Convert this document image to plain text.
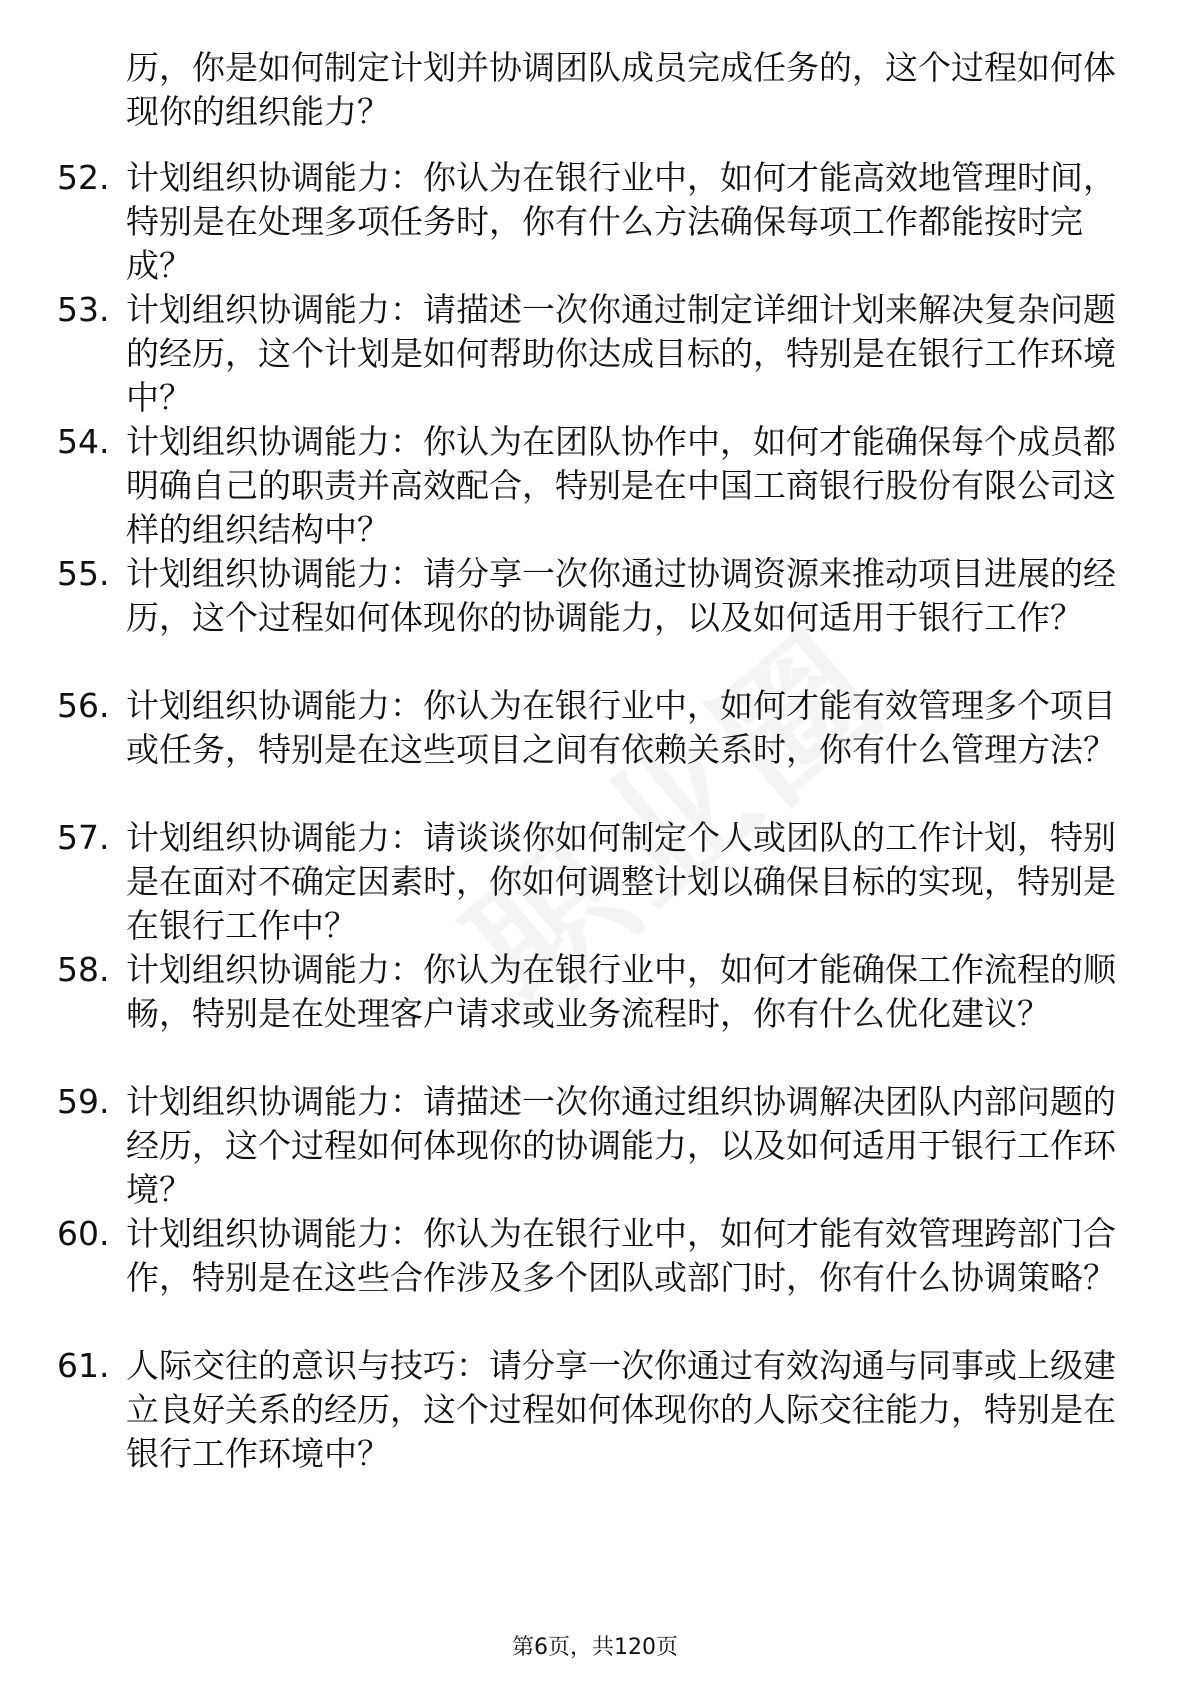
历，你是如何制定计划并协调团队成员完成任务的，这个过程如何体现你的组织能力？
52. 计划组织协调能力：你认为在银行业中，如何才能高效地管理时间，特别是在处理多项任务时，你有什么方法确保每项工作都能按时完成？
53. 计划组织协调能力：请描述一次你通过制定详细计划来解决复杂问题的经历，这个计划是如何帮助你达成目标的，特别是在银行工作环境中？
54. 计划组织协调能力：你认为在团队协作中，如何才能确保每个成员都明确自己的职责并高效配合，特别是在中国工商银行股份有限公司这样的组织结构中？
55. 计划组织协调能力：请分享一次你通过协调资源来推动项目进展的经历，这个过程如何体现你的协调能力，以及如何适用于银行工作？
56. 计划组织协调能力：你认为在银行业中，如何才能有效管理多个项目或任务，特别是在这些项目之间有依赖关系时，你有什么管理方法？
57. 计划组织协调能力：请谈谈你如何制定个人或团队的工作计划，特别是在面对不确定因素时，你如何调整计划以确保目标的实现，特别是在银行工作中？
58. 计划组织协调能力：你认为在银行业中，如何才能确保工作流程的顺畅，特别是在处理客户请求或业务流程时，你有什么优化建议？
59. 计划组织协调能力：请描述一次你通过组织协调解决团队内部问题的经历，这个过程如何体现你的协调能力，以及如何适用于银行工作环境？
60. 计划组织协调能力：你认为在银行业中，如何才能有效管理跨部门合作，特别是在这些合作涉及多个团队或部门时，你有什么协调策略？
61. 人际交往的意识与技巧：请分享一次你通过有效沟通与同事或上级建立良好关系的经历，这个过程如何体现你的人际交往能力，特别是在银行工作环境中？
第6页，共120页
